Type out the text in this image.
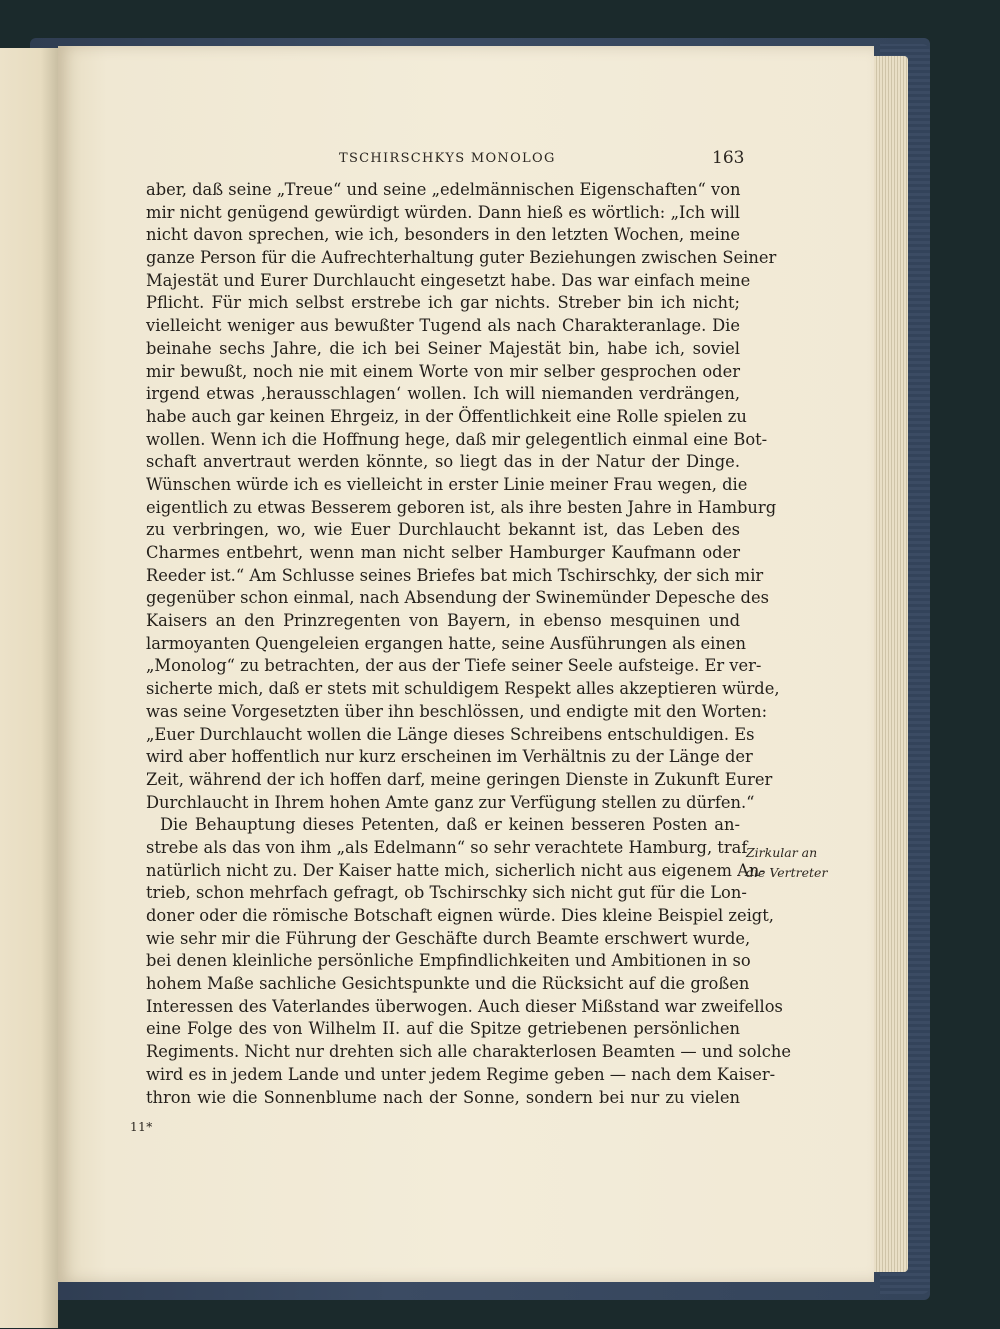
TSCHIRSCHKYS MONOLOG	163
aber, daß seine „Treue“ und seine „edelmännischen Eigenschaften“ von
mir nicht genügend gewürdigt würden. Dann hieß es wörtlich: „Ich will
nicht davon sprechen, wie ich, besonders in den letzten Wochen, meine
ganze Person für die Aufrechterhaltung guter Beziehungen zwischen Seiner
Majestät und Eurer Durchlaucht eingesetzt habe. Das war einfach meine
Pflicht. Für mich selbst erstrebe ich gar nichts. Streber bin ich nicht;
vielleicht weniger aus bewußter Tugend als nach Charakteranlage. Die
beinahe sechs Jahre, die ich bei Seiner Majestät bin, habe ich, soviel
mir bewußt, noch nie mit einem Worte von mir selber gesprochen oder
irgend etwas ‚herausschlagen‘ wollen. Ich will niemanden verdrängen,
habe auch gar keinen Ehrgeiz, in der Öffentlichkeit eine Rolle spielen zu
wollen. Wenn ich die Hoffnung hege, daß mir gelegentlich einmal eine Bot-
schaft anvertraut werden könnte, so liegt das in der Natur der Dinge.
Wünschen würde ich es vielleicht in erster Linie meiner Frau wegen, die
eigentlich zu etwas Besserem geboren ist, als ihre besten Jahre in Hamburg
zu verbringen, wo, wie Euer Durchlaucht bekannt ist, das Leben des
Charmes entbehrt, wenn man nicht selber Hamburger Kaufmann oder
Reeder ist.“ Am Schlusse seines Briefes bat mich Tschirschky, der sich mir
gegenüber schon einmal, nach Absendung der Swinemünder Depesche des
Kaisers an den Prinzregenten von Bayern, in ebenso mesquinen und
larmoyanten Quengeleien ergangen hatte, seine Ausführungen als einen
„Monolog“ zu betrachten, der aus der Tiefe seiner Seele aufsteige. Er ver-
sicherte mich, daß er stets mit schuldigem Respekt alles akzeptieren würde,
was seine Vorgesetzten über ihn beschlössen, und endigte mit den Worten:
„Euer Durchlaucht wollen die Länge dieses Schreibens entschuldigen. Es
wird aber hoffentlich nur kurz erscheinen im Verhältnis zu der Länge der
Zeit, während der ich hoffen darf, meine geringen Dienste in Zukunft Eurer
Durchlaucht in Ihrem hohen Amte ganz zur Verfügung stellen zu dürfen.“
Die Behauptung dieses Petenten, daß er keinen besseren Posten an-
strebe als das von ihm „als Edelmann“ so sehr verachtete Hamburg, traf
natürlich nicht zu. Der Kaiser hatte mich, sicherlich nicht aus eigenem An-
trieb, schon mehrfach gefragt, ob Tschirschky sich nicht gut für die Lon-
doner oder die römische Botschaft eignen würde. Dies kleine Beispiel zeigt,
wie sehr mir die Führung der Geschäfte durch Beamte erschwert wurde,
bei denen kleinliche persönliche Empfindlichkeiten und Ambitionen in so
hohem Maße sachliche Gesichtspunkte und die Rücksicht auf die großen
Interessen des Vaterlandes überwogen. Auch dieser Mißstand war zweifellos
eine Folge des von Wilhelm II. auf die Spitze getriebenen persönlichen
Regiments. Nicht nur drehten sich alle charakterlosen Beamten — und solche
wird es in jedem Lande und unter jedem Regime geben — nach dem Kaiser-
thron wie die Sonnenblume nach der Sonne, sondern bei nur zu vielen
Zirkular an
die Vertreter
11*
